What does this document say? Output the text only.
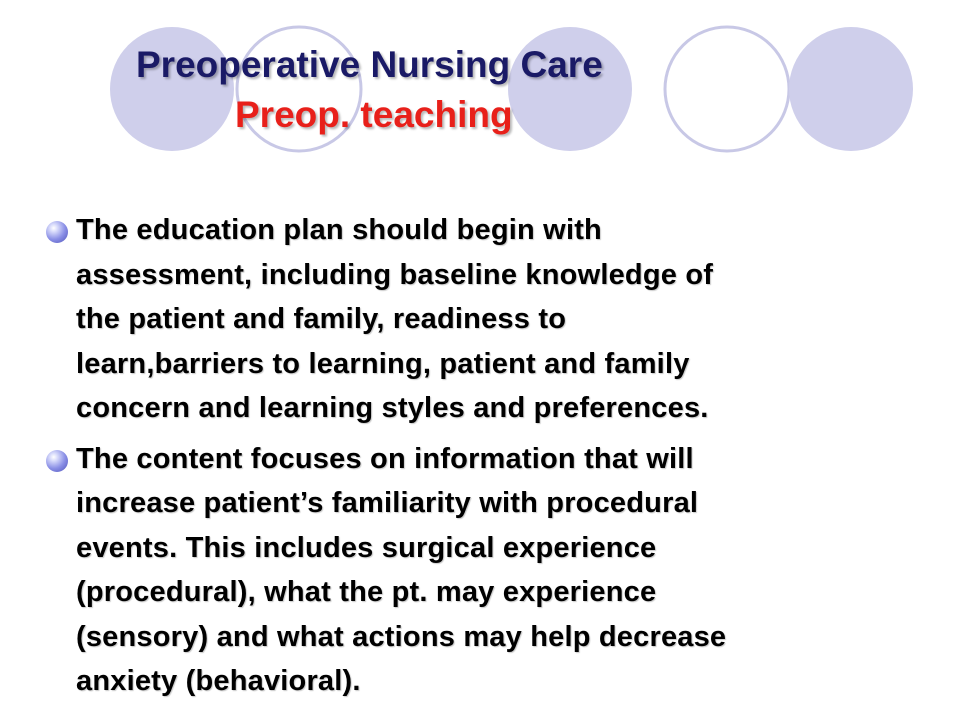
Preoperative Nursing Care
Preop. teaching
The education plan should begin with
assessment, including baseline knowledge of
the patient and family, readiness to
learn,barriers to learning, patient and family
concern and learning styles and preferences.
The content focuses on information that will
increase patient’s familiarity with procedural
events. This includes surgical experience
(procedural), what the pt. may experience
(sensory) and what actions may help decrease
anxiety (behavioral).
